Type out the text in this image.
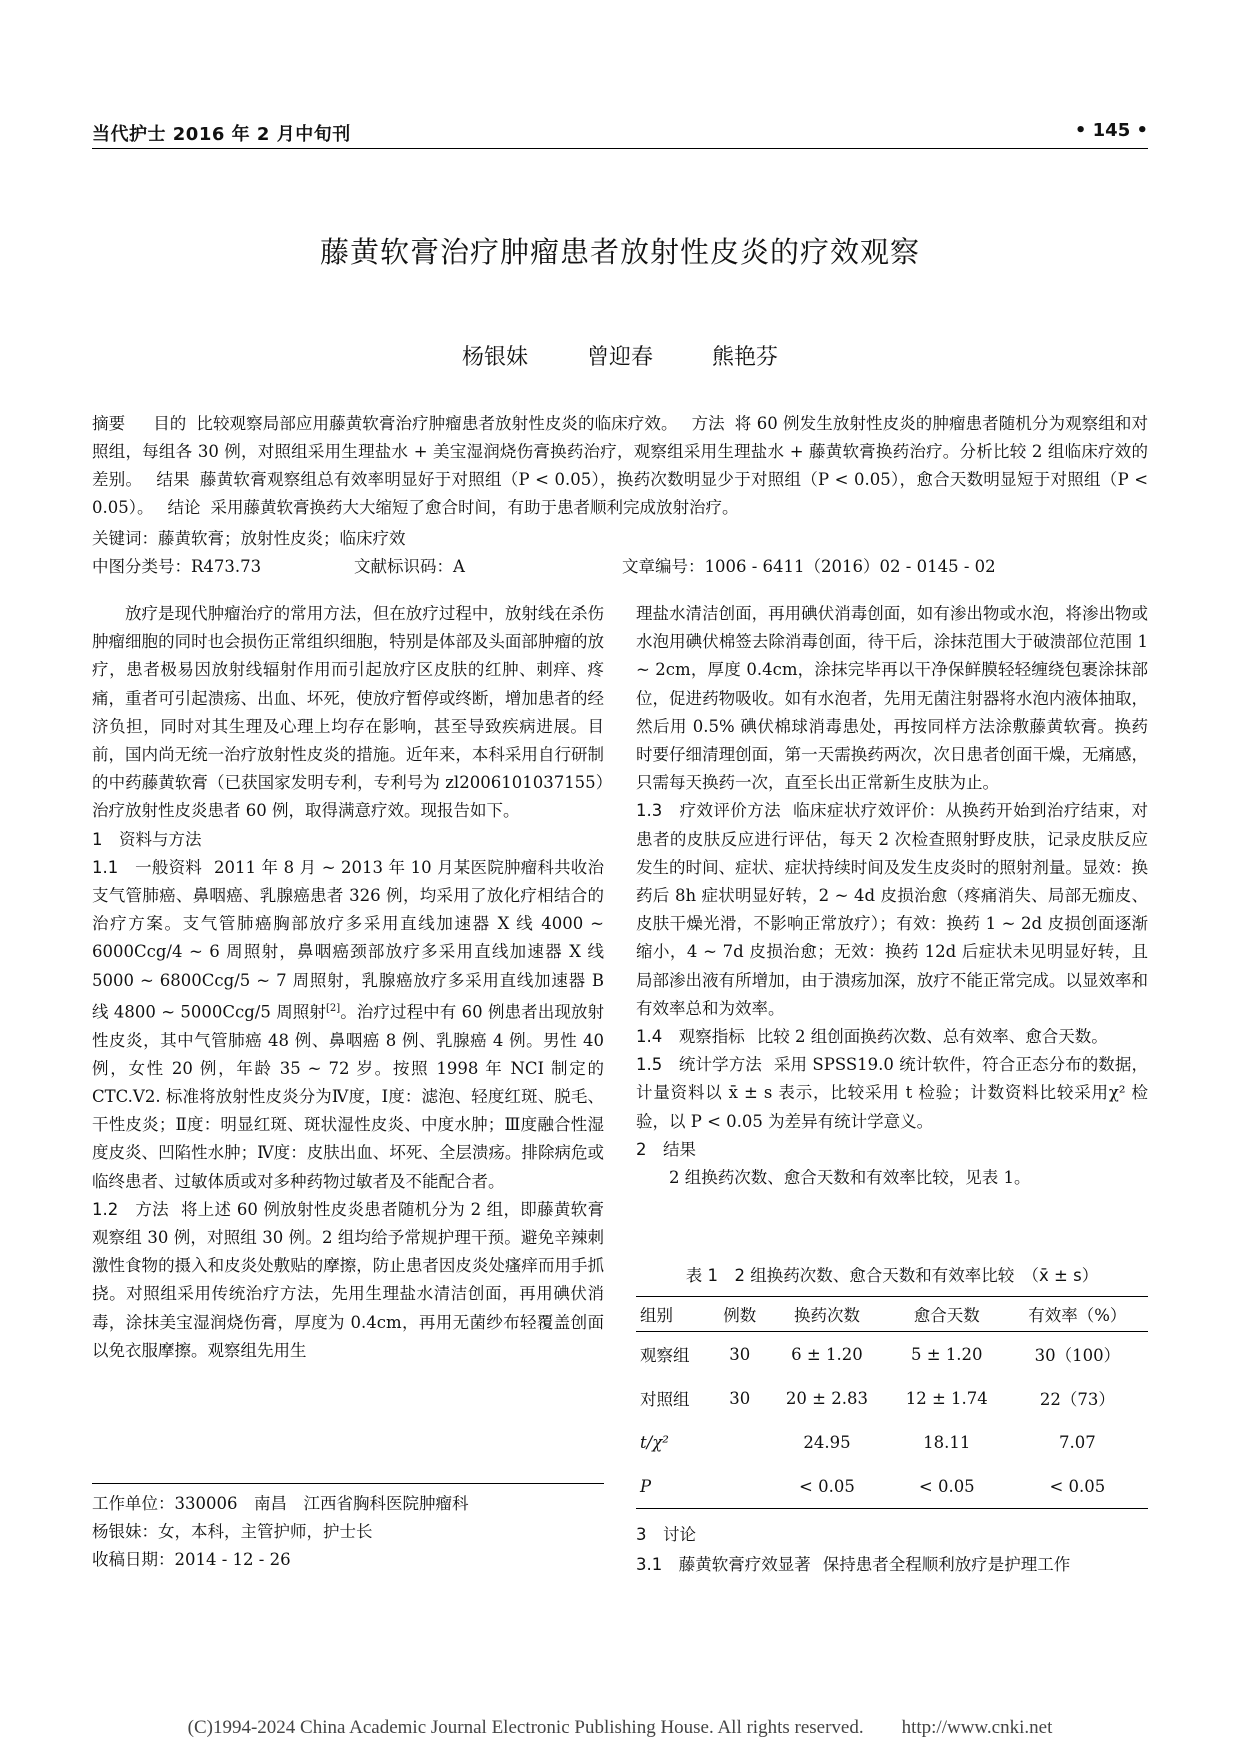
当代护士 2016 年 2 月中旬刊	• 145 •
藤黄软膏治疗肿瘤患者放射性皮炎的疗效观察
杨银妹	曾迎春	熊艳芬
摘要 目的 比较观察局部应用藤黄软膏治疗肿瘤患者放射性皮炎的临床疗效。 方法 将 60 例发生放射性皮炎的肿瘤患者随机分为观察组和对照组，每组各 30 例，对照组采用生理盐水 + 美宝湿润烧伤膏换药治疗，观察组采用生理盐水 + 藤黄软膏换药治疗。分析比较 2 组临床疗效的差别。 结果 藤黄软膏观察组总有效率明显好于对照组（P < 0.05），换药次数明显少于对照组（P < 0.05），愈合天数明显短于对照组（P < 0.05）。 结论 采用藤黄软膏换药大大缩短了愈合时间，有助于患者顺利完成放射治疗。
关键词：藤黄软膏；放射性皮炎；临床疗效
中图分类号：R473.73	文献标识码：A	文章编号：1006 - 6411（2016）02 - 0145 - 02

放疗是现代肿瘤治疗的常用方法，但在放疗过程中，放射线在杀伤肿瘤细胞的同时也会损伤正常组织细胞，特别是体部及头面部肿瘤的放疗，患者极易因放射线辐射作用而引起放疗区皮肤的红肿、刺痒、疼痛，重者可引起溃疡、出血、坏死，使放疗暂停或终断，增加患者的经济负担，同时对其生理及心理上均存在影响，甚至导致疾病进展。目前，国内尚无统一治疗放射性皮炎的措施。近年来，本科采用自行研制的中药藤黄软膏（已获国家发明专利，专利号为 zl2006101037155）治疗放射性皮炎患者 60 例，取得满意疗效。现报告如下。

1　资料与方法

1.1　一般资料 2011 年 8 月 ~ 2013 年 10 月某医院肿瘤科共收治支气管肺癌、鼻咽癌、乳腺癌患者 326 例，均采用了放化疗相结合的治疗方案。支气管肺癌胸部放疗多采用直线加速器 X 线 4000 ~ 6000Ccg/4 ~ 6 周照射，鼻咽癌颈部放疗多采用直线加速器 X 线 5000 ~ 6800Ccg/5 ~ 7 周照射，乳腺癌放疗多采用直线加速器 B 线 4800 ~ 5000Ccg/5 周照射[2]。治疗过程中有 60 例患者出现放射性皮炎，其中气管肺癌 48 例、鼻咽癌 8 例、乳腺癌 4 例。男性 40 例，女性 20 例，年龄 35 ~ 72 岁。按照 1998 年 NCI 制定的 CTC.V2. 标准将放射性皮炎分为Ⅳ度，Ⅰ度：滤泡、轻度红斑、脱毛、干性皮炎；Ⅱ度：明显红斑、斑状湿性皮炎、中度水肿；Ⅲ度融合性湿度皮炎、凹陷性水肿；Ⅳ度：皮肤出血、坏死、全层溃疡。排除病危或临终患者、过敏体质或对多种药物过敏者及不能配合者。

1.2　方法 将上述 60 例放射性皮炎患者随机分为 2 组，即藤黄软膏观察组 30 例，对照组 30 例。2 组均给予常规护理干预。避免辛辣刺激性食物的摄入和皮炎处敷贴的摩擦，防止患者因皮炎处瘙痒而用手抓挠。对照组采用传统治疗方法，先用生理盐水清洁创面，再用碘伏消毒，涂抹美宝湿润烧伤膏，厚度为 0.4cm，再用无菌纱布轻覆盖创面以免衣服摩擦。观察组先用生

工作单位：330006　南昌　江西省胸科医院肿瘤科
杨银妹：女，本科，主管护师，护士长
收稿日期：2014 - 12 - 26

理盐水清洁创面，再用碘伏消毒创面，如有渗出物或水泡，将渗出物或水泡用碘伏棉签去除消毒创面，待干后，涂抹范围大于破溃部位范围 1 ~ 2cm，厚度 0.4cm，涂抹完毕再以干净保鲜膜轻轻缠绕包裹涂抹部位，促进药物吸收。如有水泡者，先用无菌注射器将水泡内液体抽取，然后用 0.5% 碘伏棉球消毒患处，再按同样方法涂敷藤黄软膏。换药时要仔细清理创面，第一天需换药两次，次日患者创面干燥，无痛感，只需每天换药一次，直至长出正常新生皮肤为止。

1.3　疗效评价方法 临床症状疗效评价：从换药开始到治疗结束，对患者的皮肤反应进行评估，每天 2 次检查照射野皮肤，记录皮肤反应发生的时间、症状、症状持续时间及发生皮炎时的照射剂量。显效：换药后 8h 症状明显好转，2 ~ 4d 皮损治愈（疼痛消失、局部无痂皮、皮肤干燥光滑，不影响正常放疗）；有效：换药 1 ~ 2d 皮损创面逐渐缩小，4 ~ 7d 皮损治愈；无效：换药 12d 后症状未见明显好转，且局部渗出液有所增加，由于溃疡加深，放疗不能正常完成。以显效率和有效率总和为效率。

1.4　观察指标 比较 2 组创面换药次数、总有效率、愈合天数。

1.5　统计学方法 采用 SPSS19.0 统计软件，符合正态分布的数据，计量资料以 x̄ ± s 表示，比较采用 t 检验；计数资料比较采用χ² 检验，以 P < 0.05 为差异有统计学意义。

2　结果

2 组换药次数、愈合天数和有效率比较，见表 1。

表 1　2 组换药次数、愈合天数和有效率比较　（x̄ ± s）
组别	例数	换药次数	愈合天数	有效率（%）
观察组	30	6 ± 1.20	5 ± 1.20	30（100）
对照组	30	20 ± 2.83	12 ± 1.74	22（73）
t/χ²		24.95	18.11	7.07
P		< 0.05	< 0.05	< 0.05
3　讨论
3.1　藤黄软膏疗效显著 保持患者全程顺利放疗是护理工作
(C)1994-2024 China Academic Journal Electronic Publishing House. All rights reserved.　　http://www.cnki.net
